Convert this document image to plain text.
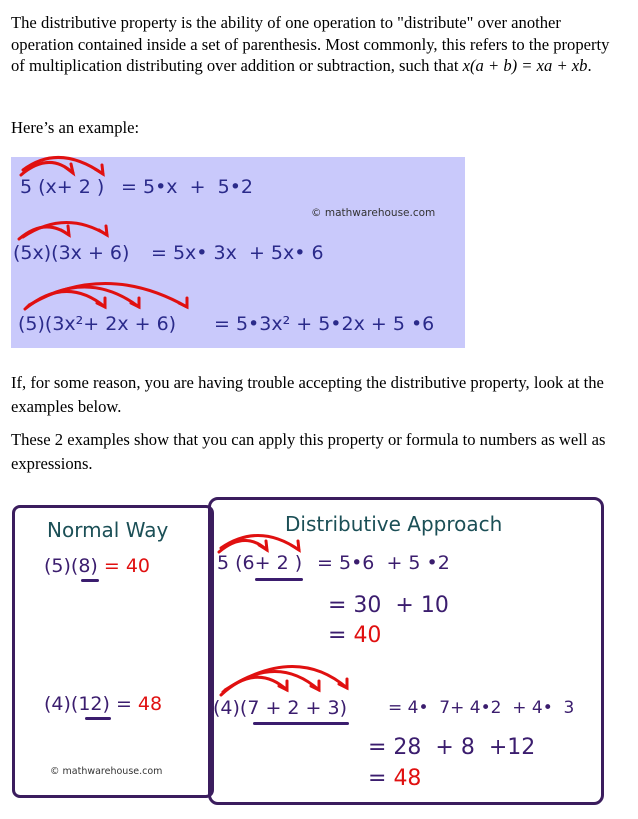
The distributive property is the ability of one operation to "distribute" over another operation contained inside a set of parenthesis. Most commonly, this refers to the property of multiplication distributing over addition or subtraction, such that x(a + b) = xa + xb.

Here’s an example:

5 (x+ 2 ) = 5•x  +  5•2
© mathwarehouse.com
(5x)(3x + 6) = 5x• 3x  + 5x• 6
(5)(3x²+ 2x + 6) = 5•3x² + 5•2x + 5 •6

If, for some reason, you are having trouble accepting the distributive property, look at the examples below.

These 2 examples show that you can apply this property or formula to numbers as well as expressions.

Normal Way
(5)(8) = 40
(4)(12) = 48
© mathwarehouse.com
Distributive Approach
5 (6+ 2 ) = 5•6  + 5 •2
= 30  + 10
= 40
(4)(7 + 2 + 3) = 4•  7+ 4•2  + 4•  3
= 28  + 8  +12
= 48
